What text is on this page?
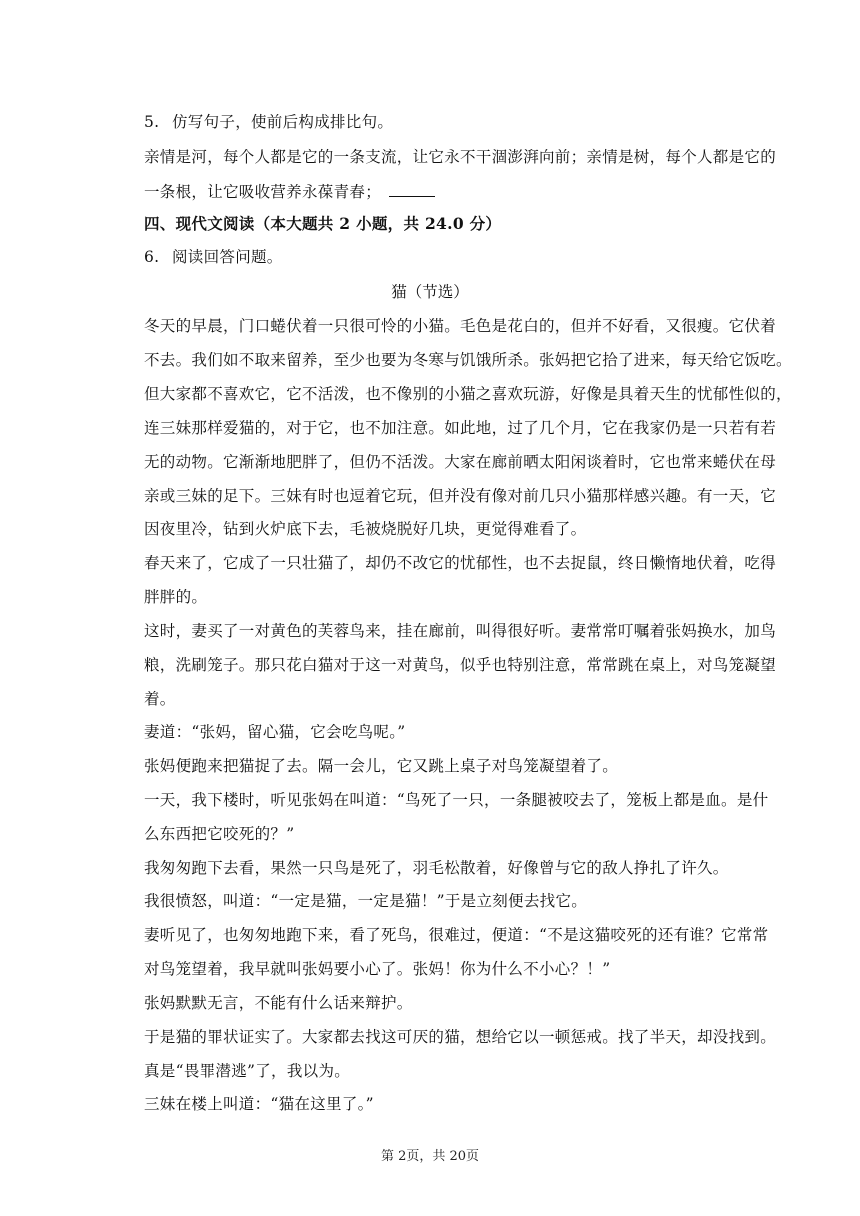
5. 仿写句子，使前后构成排比句。
亲情是河，每个人都是它的一条支流，让它永不干涸澎湃向前；亲情是树，每个人都是它的
一条根，让它吸收营养永葆青春；
四、现代文阅读（本大题共 2 小题，共 24.0 分）
6. 阅读回答问题。
猫（节选）
冬天的早晨，门口蜷伏着一只很可怜的小猫。毛色是花白的，但并不好看，又很瘦。它伏着
不去。我们如不取来留养，至少也要为冬寒与饥饿所杀。张妈把它拾了进来，每天给它饭吃。
但大家都不喜欢它，它不活泼，也不像别的小猫之喜欢玩游，好像是具着天生的忧郁性似的，
连三妹那样爱猫的，对于它，也不加注意。如此地，过了几个月，它在我家仍是一只若有若
无的动物。它渐渐地肥胖了，但仍不活泼。大家在廊前晒太阳闲谈着时，它也常来蜷伏在母
亲或三妹的足下。三妹有时也逗着它玩，但并没有像对前几只小猫那样感兴趣。有一天，它
因夜里冷，钻到火炉底下去，毛被烧脱好几块，更觉得难看了。
春天来了，它成了一只壮猫了，却仍不改它的忧郁性，也不去捉鼠，终日懒惰地伏着，吃得
胖胖的。
这时，妻买了一对黄色的芙蓉鸟来，挂在廊前，叫得很好听。妻常常叮嘱着张妈换水，加鸟
粮，洗刷笼子。那只花白猫对于这一对黄鸟，似乎也特别注意，常常跳在桌上，对鸟笼凝望
着。
妻道：“张妈，留心猫，它会吃鸟呢。”
张妈便跑来把猫捉了去。隔一会儿，它又跳上桌子对鸟笼凝望着了。
一天，我下楼时，听见张妈在叫道：“鸟死了一只，一条腿被咬去了，笼板上都是血。是什
么东西把它咬死的？”
我匆匆跑下去看，果然一只鸟是死了，羽毛松散着，好像曾与它的敌人挣扎了许久。
我很愤怒，叫道：“一定是猫，一定是猫！”于是立刻便去找它。
妻听见了，也匆匆地跑下来，看了死鸟，很难过，便道：“不是这猫咬死的还有谁？它常常
对鸟笼望着，我早就叫张妈要小心了。张妈！你为什么不小心？！”
张妈默默无言，不能有什么话来辩护。
于是猫的罪状证实了。大家都去找这可厌的猫，想给它以一顿惩戒。找了半天，却没找到。
真是“畏罪潜逃”了，我以为。
三妹在楼上叫道：“猫在这里了。”
第 2页，共 20页
